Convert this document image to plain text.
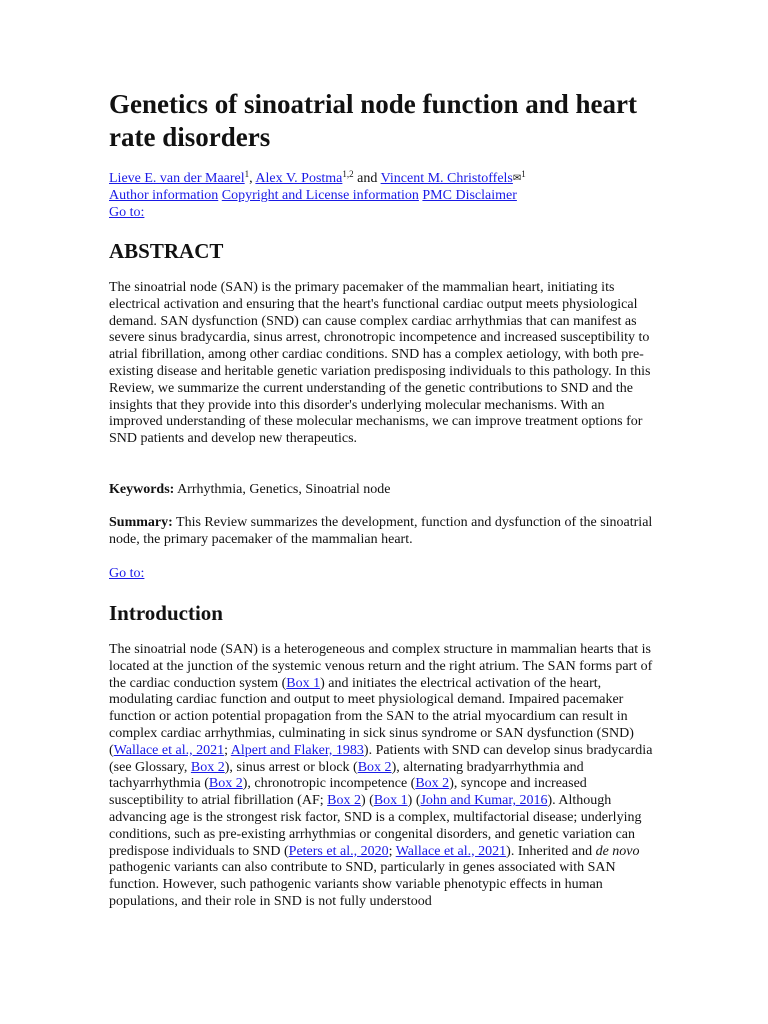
Genetics of sinoatrial node function and heart rate disorders
Lieve E. van der Maarel$^1$, Alex V. Postma$^{1,2}$ and Vincent M. Christoffels✉$^1$
Author information Copyright and License information PMC Disclaimer
Go to:
ABSTRACT

The sinoatrial node (SAN) is the primary pacemaker of the mammalian heart, initiating its electrical activation and ensuring that the heart's functional cardiac output meets physiological demand. SAN dysfunction (SND) can cause complex cardiac arrhythmias that can manifest as severe sinus bradycardia, sinus arrest, chronotropic incompetence and increased susceptibility to atrial fibrillation, among other cardiac conditions. SND has a complex aetiology, with both pre-existing disease and heritable genetic variation predisposing individuals to this pathology. In this Review, we summarize the current understanding of the genetic contributions to SND and the insights that they provide into this disorder's underlying molecular mechanisms. With an improved understanding of these molecular mechanisms, we can improve treatment options for SND patients and develop new therapeutics.

Keywords: Arrhythmia, Genetics, Sinoatrial node

Summary: This Review summarizes the development, function and dysfunction of the sinoatrial node, the primary pacemaker of the mammalian heart.

Go to:

Introduction

The sinoatrial node (SAN) is a heterogeneous and complex structure in mammalian hearts that is located at the junction of the systemic venous return and the right atrium. The SAN forms part of the cardiac conduction system (Box 1) and initiates the electrical activation of the heart, modulating cardiac function and output to meet physiological demand. Impaired pacemaker function or action potential propagation from the SAN to the atrial myocardium can result in complex cardiac arrhythmias, culminating in sick sinus syndrome or SAN dysfunction (SND) (Wallace et al., 2021; Alpert and Flaker, 1983). Patients with SND can develop sinus bradycardia (see Glossary, Box 2), sinus arrest or block (Box 2), alternating bradyarrhythmia and tachyarrhythmia (Box 2), chronotropic incompetence (Box 2), syncope and increased susceptibility to atrial fibrillation (AF; Box 2) (Box 1) (John and Kumar, 2016). Although advancing age is the strongest risk factor, SND is a complex, multifactorial disease; underlying conditions, such as pre-existing arrhythmias or congenital disorders, and genetic variation can predispose individuals to SND (Peters et al., 2020; Wallace et al., 2021). Inherited and de novo pathogenic variants can also contribute to SND, particularly in genes associated with SAN function. However, such pathogenic variants show variable phenotypic effects in human populations, and their role in SND is not fully understood
